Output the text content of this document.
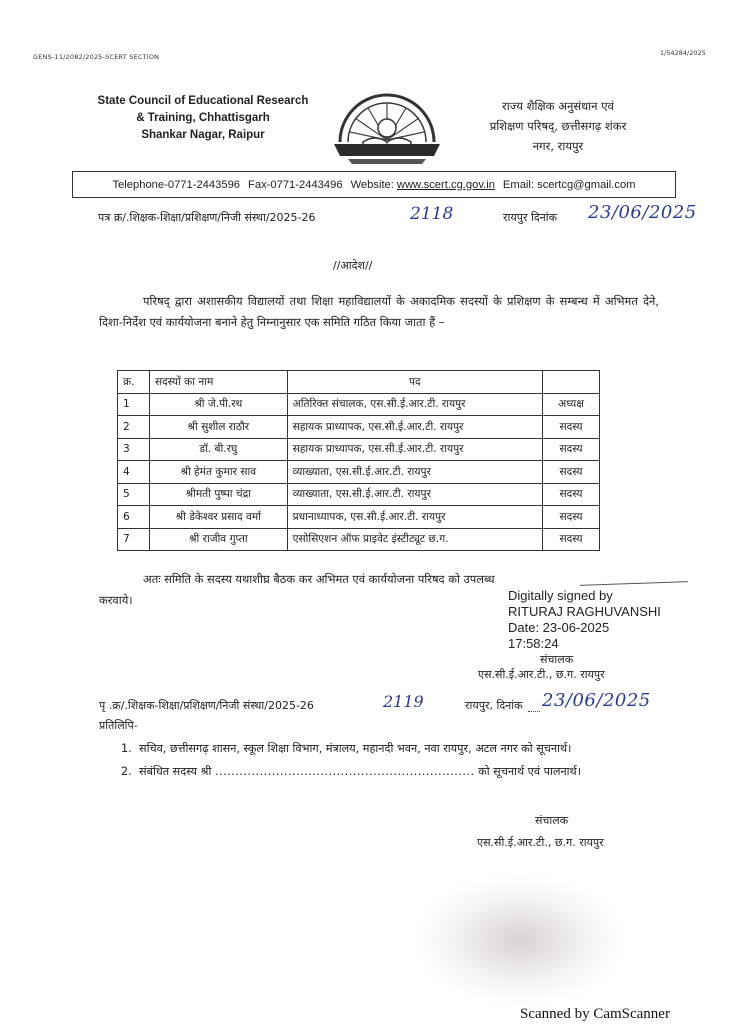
GENS-11/2082/2025-SCERT SECTION	1/54284/2025
State Council of Educational Research
& Training, Chhattisgarh
Shankar Nagar, Raipur
राज्य शैक्षिक अनुसंधान एवं
प्रशिक्षण परिषद्, छत्तीसगढ़ शंकर
नगर, रायपुर
Telephone-0771-2443596 Fax-0771-2443496 Website: www.scert.cg.gov.in Email: scertcg@gmail.com
पत्र क्र/.शिक्षक-शिक्षा/प्रशिक्षण/निजी संस्था/2025-26	2118	रायपुर दिनांक 23/06/2025
//आदेश//
परिषद् द्वारा अशासकीय विद्यालयों तथा शिक्षा महाविद्यालयों के अकादमिक सदस्यों के प्रशिक्षण के सम्बन्ध में अभिमत देने, दिशा-निर्देश एवं कार्ययोजना बनाने हेतु निम्नानुसार एक समिति गठित किया जाता हैं –
क्र.	सदस्यों का नाम	पद	
1	श्री जे.पी.रथ	अतिरिक्त संचालक, एस.सी.ई.आर.टी. रायपुर	अध्यक्ष
2	श्री सुशील राठौर	सहायक प्राध्यापक, एस.सी.ई.आर.टी. रायपुर	सदस्य
3	डॉ. बी.रघु	सहायक प्राध्यापक, एस.सी.ई.आर.टी. रायपुर	सदस्य
4	श्री हेमंत कुमार साव	व्याख्याता, एस.सी.ई.आर.टी. रायपुर	सदस्य
5	श्रीमती पुष्पा चंद्रा	व्याख्याता, एस.सी.ई.आर.टी. रायपुर	सदस्य
6	श्री डेकेश्वर प्रसाद वर्मा	प्रधानाध्यापक, एस.सी.ई.आर.टी. रायपुर	सदस्य
7	श्री राजीव गुप्ता	एसोसिएशन ऑफ प्राइवेट इंस्टीट्यूट छ.ग.	सदस्य
अतः समिति के सदस्य यथाशीघ्र बैठक कर अभिमत एवं कार्ययोजना परिषद को उपलब्ध करवाये।	Digitally signed by
RITURAJ RAGHUVANSHI
Date: 23-06-2025
17:58:24
संचालक
एस.सी.ई.आर.टी., छ.ग. रायपुर
पृ .क्र/.शिक्षक-शिक्षा/प्रशिक्षण/निजी संस्था/2025-26	2119	रायपुर, दिनांक 23/06/2025
प्रतिलिपि-
1. सचिव, छत्तीसगढ़ शासन, स्कूल शिक्षा विभाग, मंत्रालय, महानदी भवन, नवा रायपुर, अटल नगर को सूचनार्थ।
2. संबंधित सदस्य श्री
................................................................
को सूचनार्थ एवं पालनार्थ।
संचालक
एस.सी.ई.आर.टी., छ.ग. रायपुर
Scanned by CamScanner
